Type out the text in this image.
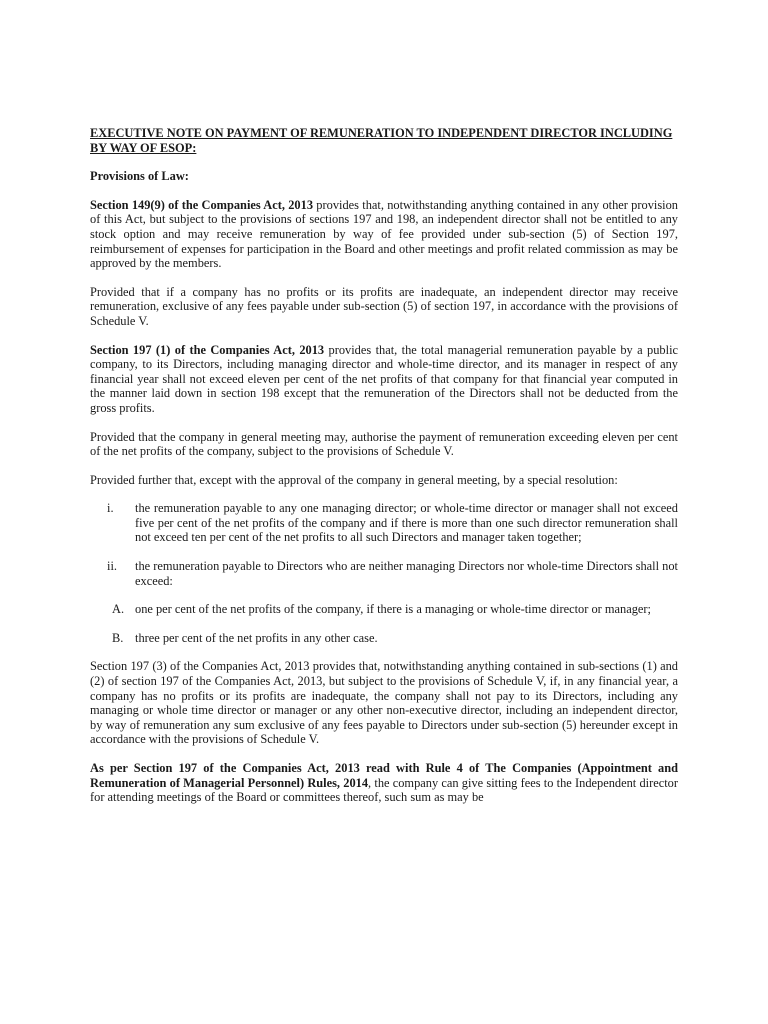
EXECUTIVE NOTE ON PAYMENT OF REMUNERATION TO INDEPENDENT DIRECTOR INCLUDING BY WAY OF ESOP:
Provisions of Law:

Section 149(9) of the Companies Act, 2013 provides that, notwithstanding anything contained in any other provision of this Act, but subject to the provisions of sections 197 and 198, an independent director shall not be entitled to any stock option and may receive remuneration by way of fee provided under sub-section (5) of Section 197, reimbursement of expenses for participation in the Board and other meetings and profit related commission as may be approved by the members.

Provided that if a company has no profits or its profits are inadequate, an independent director may receive remuneration, exclusive of any fees payable under sub-section (5) of section 197, in accordance with the provisions of Schedule V.

Section 197 (1) of the Companies Act, 2013 provides that, the total managerial remuneration payable by a public company, to its Directors, including managing director and whole-time director, and its manager in respect of any financial year shall not exceed eleven per cent of the net profits of that company for that financial year computed in the manner laid down in section 198 except that the remuneration of the Directors shall not be deducted from the gross profits.

Provided that the company in general meeting may, authorise the payment of remuneration exceeding eleven per cent of the net profits of the company, subject to the provisions of Schedule V.

Provided further that, except with the approval of the company in general meeting, by a special resolution:

i.	the remuneration payable to any one managing director; or whole-time director or manager shall not exceed five per cent of the net profits of the company and if there is more than one such director remuneration shall not exceed ten per cent of the net profits to all such Directors and manager taken together;
ii.	the remuneration payable to Directors who are neither managing Directors nor whole-time Directors shall not exceed:
A. one per cent of the net profits of the company, if there is a managing or whole-time director or manager;
B. three per cent of the net profits in any other case.

Section 197 (3) of the Companies Act, 2013 provides that, notwithstanding anything contained in sub-sections (1) and (2) of section 197 of the Companies Act, 2013, but subject to the provisions of Schedule V, if, in any financial year, a company has no profits or its profits are inadequate, the company shall not pay to its Directors, including any managing or whole time director or manager or any other non-executive director, including an independent director, by way of remuneration any sum exclusive of any fees payable to Directors under sub-section (5) hereunder except in accordance with the provisions of Schedule V.

As per Section 197 of the Companies Act, 2013 read with Rule 4 of The Companies (Appointment and Remuneration of Managerial Personnel) Rules, 2014, the company can give sitting fees to the Independent director for attending meetings of the Board or committees thereof, such sum as may be
